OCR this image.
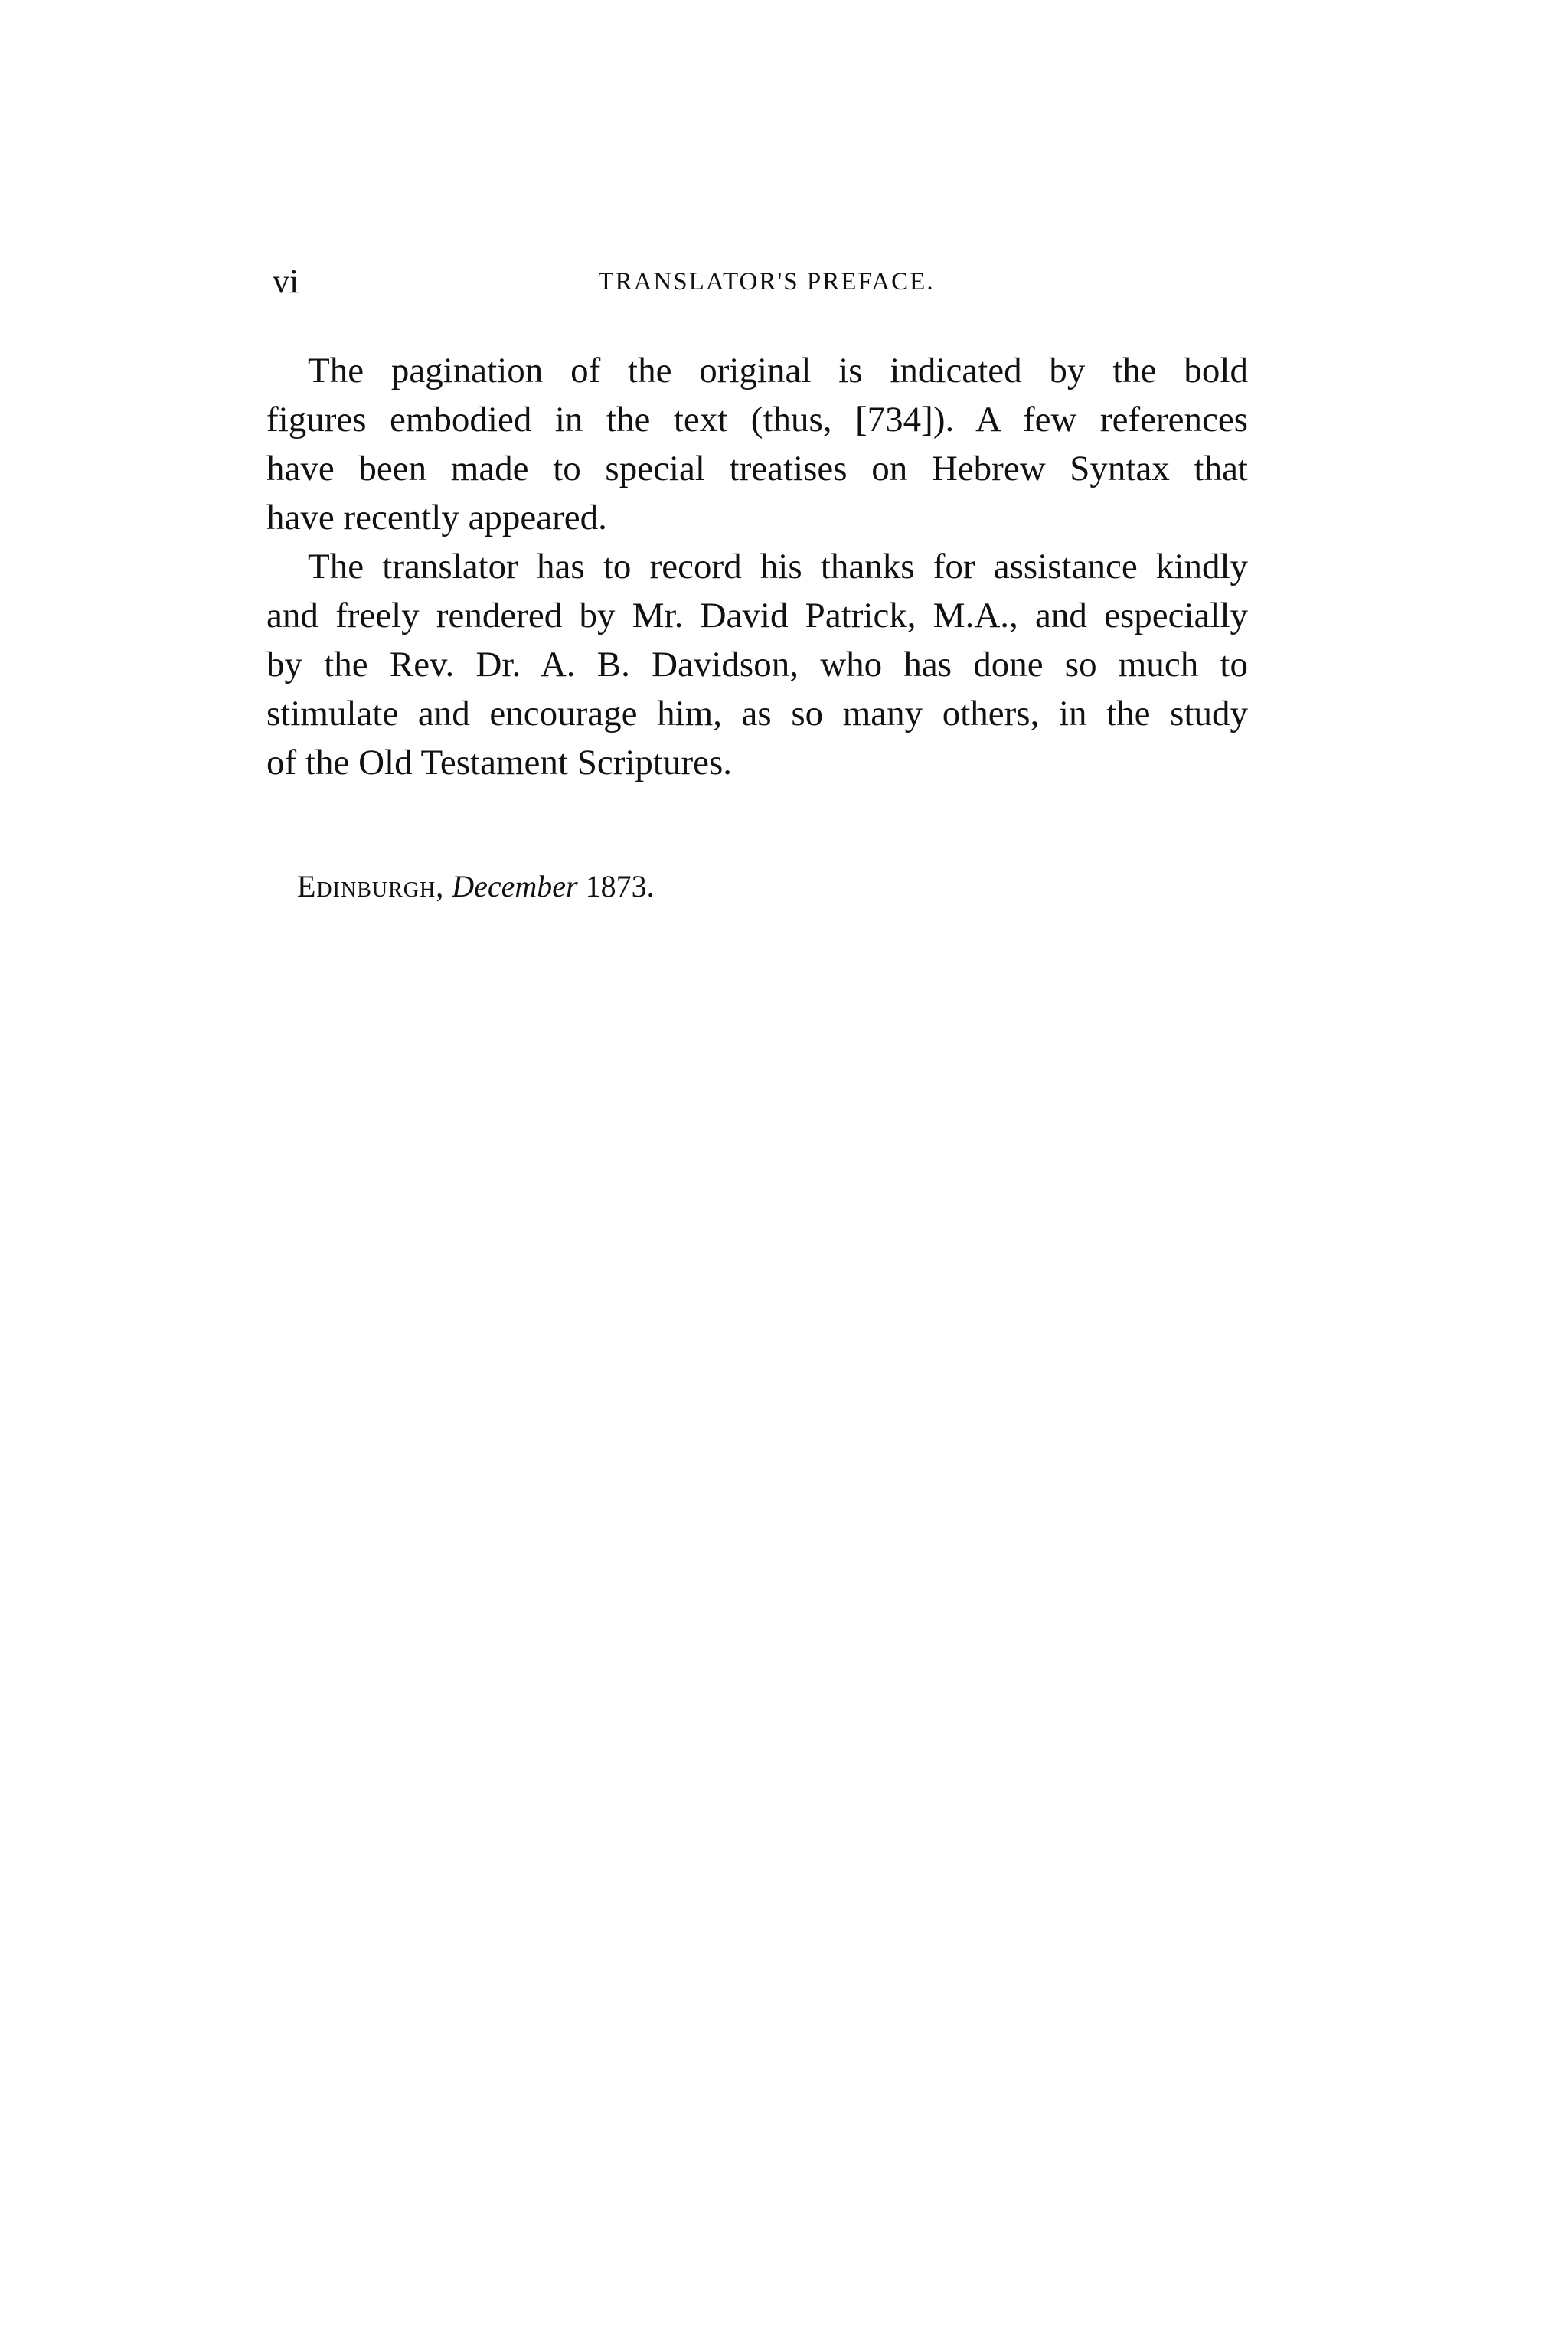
vi	TRANSLATOR'S PREFACE.
The pagination of the original is indicated by the bold
figures embodied in the text (thus, [734]). A few references
have been made to special treatises on Hebrew Syntax that
have recently appeared.
The translator has to record his thanks for assistance kindly
and freely rendered by Mr. David Patrick, M.A., and especially
by the Rev. Dr. A. B. Davidson, who has done so much to
stimulate and encourage him, as so many others, in the study
of the Old Testament Scriptures.
Edinburgh, December 1873.
